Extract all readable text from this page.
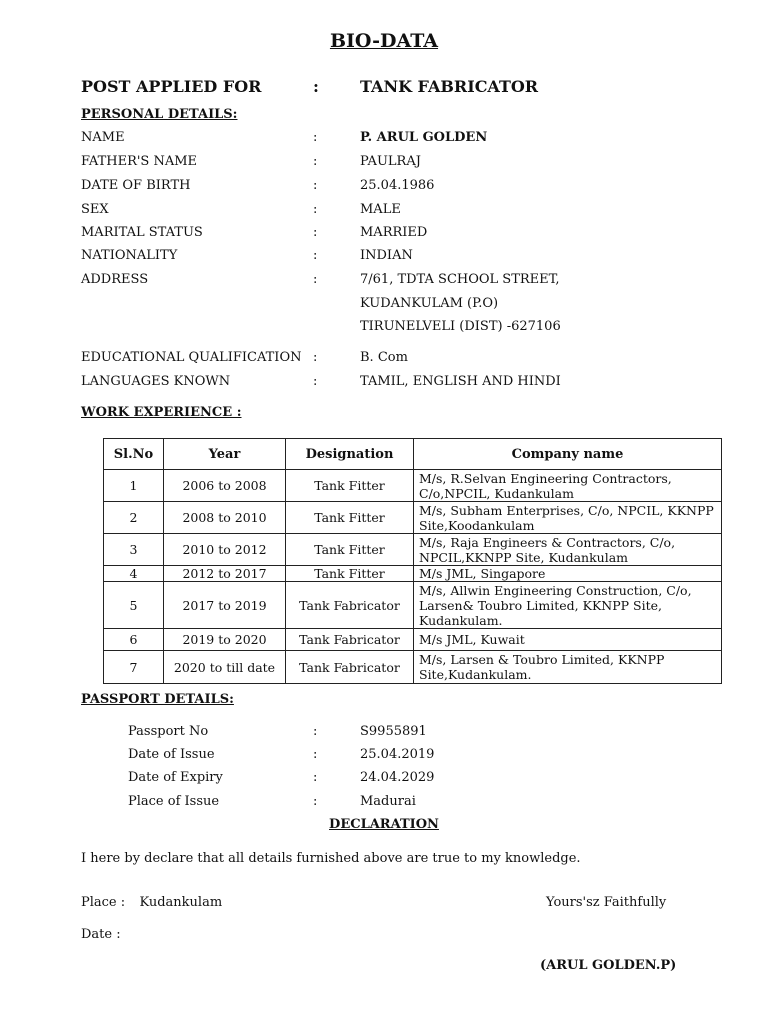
BIO-DATA
POST APPLIED FOR	:	TANK FABRICATOR
PERSONAL DETAILS:
NAME	:	P. ARUL GOLDEN
FATHER'S NAME	:	PAULRAJ
DATE OF BIRTH	:	25.04.1986
SEX	:	MALE
MARITAL STATUS	:	MARRIED
NATIONALITY	:	INDIAN
ADDRESS	:	7/61, TDTA SCHOOL STREET,
KUDANKULAM (P.O)
TIRUNELVELI (DIST) -627106
EDUCATIONAL QUALIFICATION :	B. Com
LANGUAGES KNOWN	:	TAMIL, ENGLISH AND HINDI
WORK EXPERIENCE :
Sl.No	Year	Designation	Company name
1	2006 to 2008	Tank Fitter	M/s, R.Selvan Engineering Contractors, C/o,NPCIL, Kudankulam
2	2008 to 2010	Tank Fitter	M/s, Subham Enterprises, C/o, NPCIL, KKNPP Site,Koodankulam
3	2010 to 2012	Tank Fitter	M/s, Raja Engineers & Contractors, C/o, NPCIL,KKNPP Site, Kudankulam
4	2012 to 2017	Tank Fitter	M/s JML, Singapore
5	2017 to 2019	Tank Fabricator	M/s, Allwin Engineering Construction, C/o, Larsen& Toubro Limited, KKNPP Site, Kudankulam.
6	2019 to 2020	Tank Fabricator	M/s JML, Kuwait
7	2020 to till date	Tank Fabricator	M/s, Larsen & Toubro Limited, KKNPP Site,Kudankulam.
PASSPORT DETAILS:
Passport No	:	S9955891
Date of Issue	:	25.04.2019
Date of Expiry	:	24.04.2029
Place of Issue	:	Madurai
DECLARATION
I here by declare that all details furnished above are true to my knowledge.
Place : Kudankulam	Yours'sz Faithfully
Date :
(ARUL GOLDEN.P)
